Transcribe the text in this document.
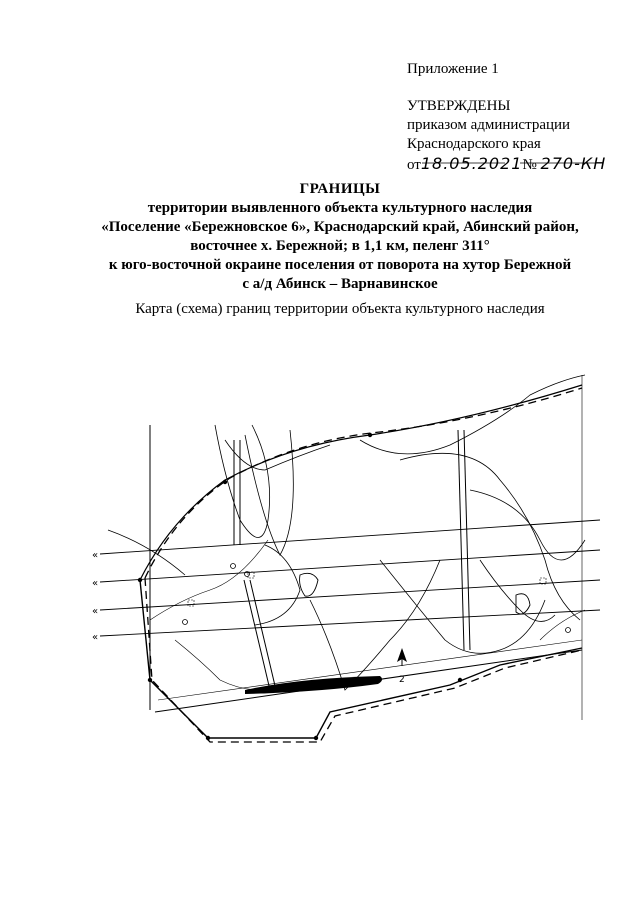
Приложение 1
УТВЕРЖДЕНЫ
приказом администрации
Краснодарского края
от18.05.2021№ 270-КН
ГРАНИЦЫ
территории выявленного объекта культурного наследия
«Поселение «Бережновское 6», Краснодарский край, Абинский район,
восточнее х. Бережной; в 1,1 км, пеленг 311°
к юго-восточной окраине поселения от поворота на хутор Бережной
с а/д Абинск – Варнавинское
Карта (схема) границ территории объекта культурного наследия
«
«
«
«
2
